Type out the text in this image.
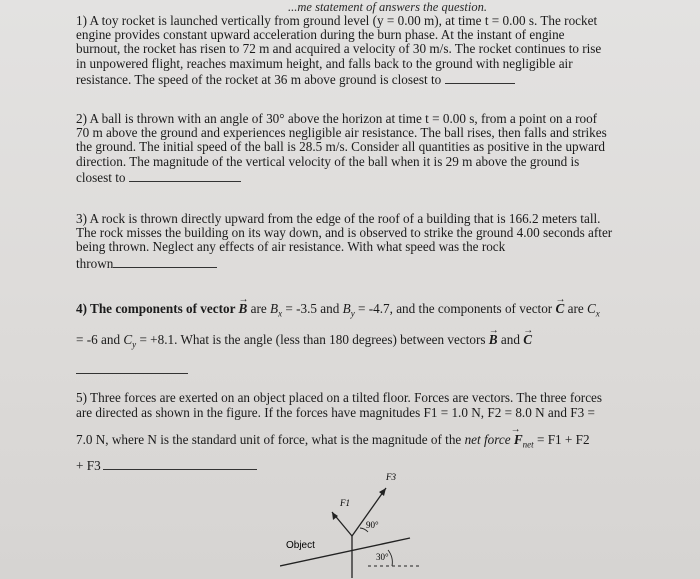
...me statement of answers the question.
1) A toy rocket is launched vertically from ground level (y = 0.00 m), at time t = 0.00 s. The rocket
engine provides constant upward acceleration during the burn phase. At the instant of engine
burnout, the rocket has risen to 72 m and acquired a velocity of 30 m/s. The rocket continues to rise
in unpowered flight, reaches maximum height, and falls back to the ground with negligible air
resistance. The speed of the rocket at 36 m above ground is closest to
2) A ball is thrown with an angle of 30° above the horizon at time t = 0.00 s, from a point on a roof
70 m above the ground and experiences negligible air resistance. The ball rises, then falls and strikes
the ground. The initial speed of the ball is 28.5 m/s. Consider all quantities as positive in the upward
direction. The magnitude of the vertical velocity of the ball when it is 29 m above the ground is
closest to
3) A rock is thrown directly upward from the edge of the roof of a building that is 166.2 meters tall.
The rock misses the building on its way down, and is observed to strike the ground 4.00 seconds after
being thrown. Neglect any effects of air resistance. With what speed was the rock
thrown
4) The components of vector → B are $B_x = -3.5$ and $B_y = -4.7$, and the components of vector → C are $C_x$
= -6 and $C_y = +8.1$. What is the angle (less than 180 degrees) between vectors → B and → C
5) Three forces are exerted on an object placed on a tilted floor. Forces are vectors. The three forces
are directed as shown in the figure. If the forces have magnitudes F1 = 1.0 N, F2 = 8.0 N and F3 =
7.0 N, where N is the standard unit of force, what is the magnitude of the net force→ $F_{net} = F1 + F2$
+ F3
Object
F3
F1
90°
30°
